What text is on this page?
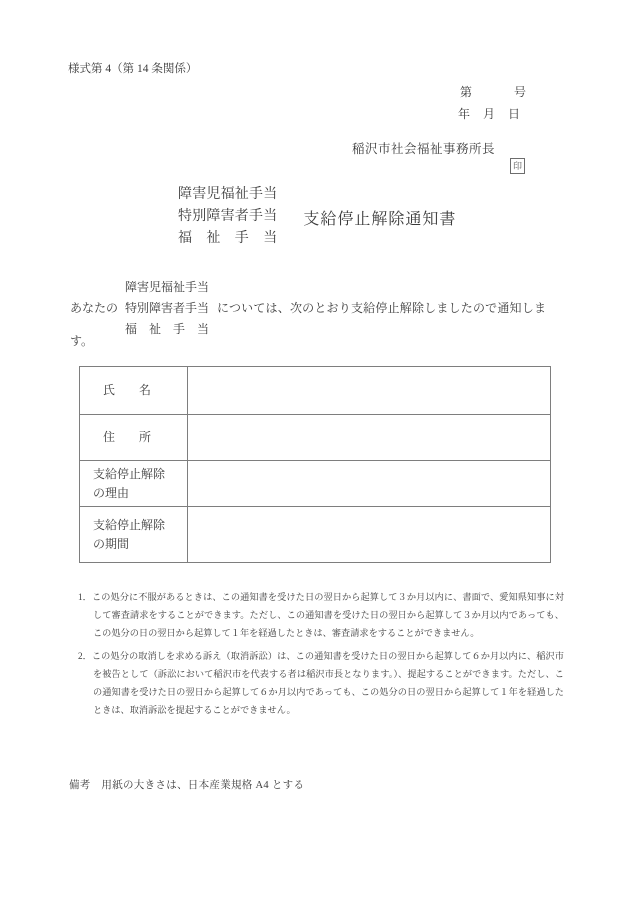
様式第 4（第 14 条関係）
第　　　号
年　月　日
稲沢市社会福祉事務所長
印
障害児福祉手当
特別障害者手当
福　祉　手　当
支給停止解除通知書
あなたの
障害児福祉手当
特別障害者手当
福　祉　手　当
については、次のとおり支給停止解除しましたので通知しま
す。
氏　　名
住　　所
支給停止解除
の理由
支給停止解除
の期間

1．この処分に不服があるときは、この通知書を受けた日の翌日から起算して３か月以内に、書面で、愛知県知事に対して審査請求をすることができます。ただし、この通知書を受けた日の翌日から起算して３か月以内であっても、この処分の日の翌日から起算して１年を経過したときは、審査請求をすることができません。

2．この処分の取消しを求める訴え（取消訴訟）は、この通知書を受けた日の翌日から起算して６か月以内に、稲沢市を被告として（訴訟において稲沢市を代表する者は稲沢市長となります。）、提起することができます。ただし、この通知書を受けた日の翌日から起算して６か月以内であっても、この処分の日の翌日から起算して１年を経過したときは、取消訴訟を提起することができません。

備考　用紙の大きさは、日本産業規格 A4 とする
